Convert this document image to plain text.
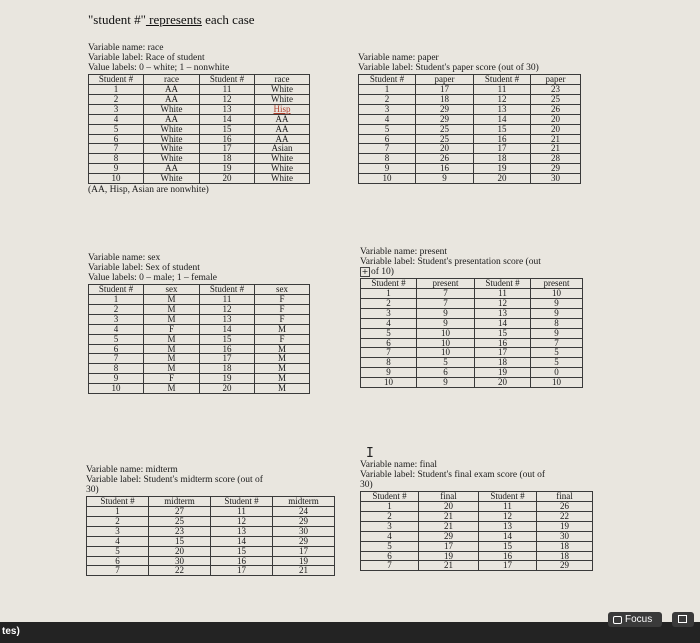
"student #" represents each case
Variable name: race
Variable label: Race of student
Value labels: 0 – white; 1 – nonwhite
Student #	race	Student #	race
1	AA	11	White
2	AA	12	White
3	White	13	Hisp
4	AA	14	AA
5	White	15	AA
6	White	16	AA
7	White	17	Asian
8	White	18	White
9	AA	19	White
10	White	20	White
(AA, Hisp, Asian are nonwhite)
Variable name: paper
Variable label: Student's paper score (out of 30)
Student #	paper	Student #	paper
1	17	11	23
2	18	12	25
3	29	13	26
4	29	14	20
5	25	15	20
6	25	16	21
7	20	17	21
8	26	18	28
9	16	19	29
10	9	20	30
Variable name: sex
Variable label: Sex of student
Value labels: 0 – male; 1 – female
Student #	sex	Student #	sex
1	M	11	F
2	M	12	F
3	M	13	F
4	F	14	M
5	M	15	F
6	M	16	M
7	M	17	M
8	M	18	M
9	F	19	M
10	M	20	M
Variable name: present
Variable label: Student's presentation score (out
+ of 10)
Student #	present	Student #	present
1	7	11	10
2	7	12	9
3	9	13	9
4	9	14	8
5	10	15	9
6	10	16	7
7	10	17	5
8	5	18	5
9	6	19	0
10	9	20	10
Variable name: midterm
Variable label: Student's midterm score (out of
30)
Student #	midterm	Student #	midterm
1	27	11	24
2	25	12	29
3	23	13	30
4	15	14	29
5	20	15	17
6	30	16	19
7	22	17	21
Variable name: final
Variable label: Student's final exam score (out of
30)
Student #	final	Student #	final
1	20	11	26
2	21	12	22
3	21	13	19
4	29	14	30
5	17	15	18
6	19	16	18
7	21	17	29
I
tes)
Focus
